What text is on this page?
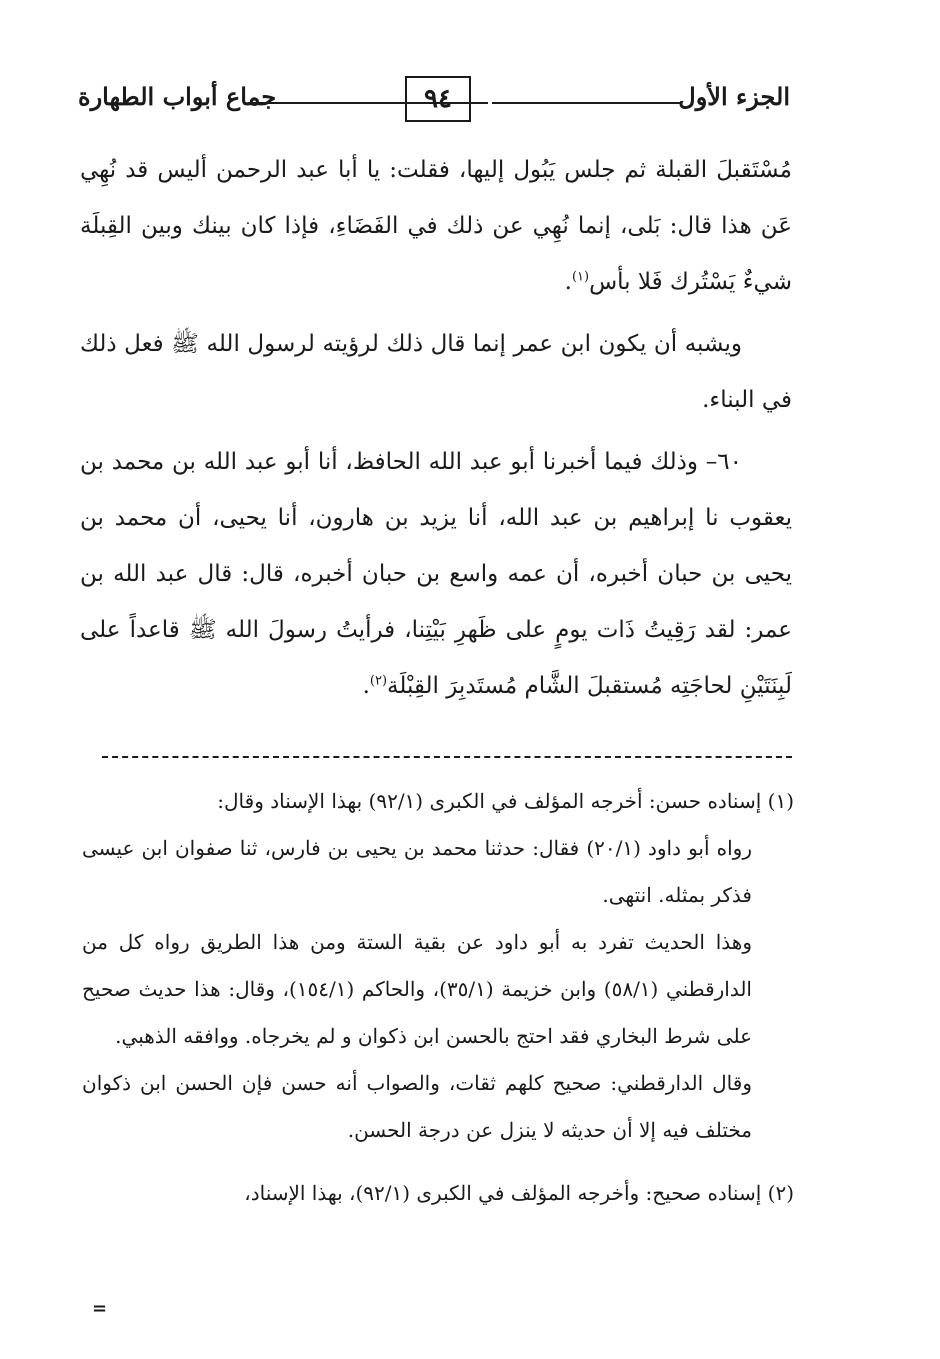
الجزء الأول
٩٤
جماع أبواب الطهارة

مُسْتَقبلَ القبلة ثم جلس يَبُول إليها، فقلت: يا أبا عبد الرحمن أليس قد نُهِي عَن هذا قال: بَلى، إنما نُهِي عن ذلك في الفَضَاءِ، فإذا كان بينك وبين القِبلَة شيءٌ يَسْتُرك فَلا بأس$^{(١)}$.

ويشبه أن يكون ابن عمر إنما قال ذلك لرؤيته لرسول الله ﷺ فعل ذلك في البناء.

٦٠– وذلك فيما أخبرنا أبو عبد الله الحافظ، أنا أبو عبد الله بن محمد بن يعقوب نا إبراهيم بن عبد الله، أنا يزيد بن هارون، أنا يحيى، أن محمد بن يحيى بن حبان أخبره، أن عمه واسع بن حبان أخبره، قال: قال عبد الله بن عمر: لقد رَقِيتُ ذَات يومٍ على ظَهرِ بَيْتِنا، فرأيتُ رسولَ الله ﷺ قاعداً على لَبِنَتَيْنِ لحاجَتِه مُستقبلَ الشَّام مُستَدبِرَ القِبْلَة$^{(٢)}$.

(١) إسناده حسن: أخرجه المؤلف في الكبرى (٩٢/١) بهذا الإسناد وقال:

رواه أبو داود (٢٠/١) فقال: حدثنا محمد بن يحيى بن فارس، ثنا صفوان ابن عيسى فذكر بمثله. انتهى.

وهذا الحديث تفرد به أبو داود عن بقية الستة ومن هذا الطريق رواه كل من الدارقطني (٥٨/١) وابن خزيمة (٣٥/١)، والحاكم (١٥٤/١)، وقال: هذا حديث صحيح على شرط البخاري فقد احتج بالحسن ابن ذكوان و لم يخرجاه. ووافقه الذهبي.

وقال الدارقطني: صحيح كلهم ثقات، والصواب أنه حسن فإن الحسن ابن ذكوان مختلف فيه إلا أن حديثه لا ينزل عن درجة الحسن.

(٢) إسناده صحيح: وأخرجه المؤلف في الكبرى (٩٢/١)، بهذا الإسناد،

=
